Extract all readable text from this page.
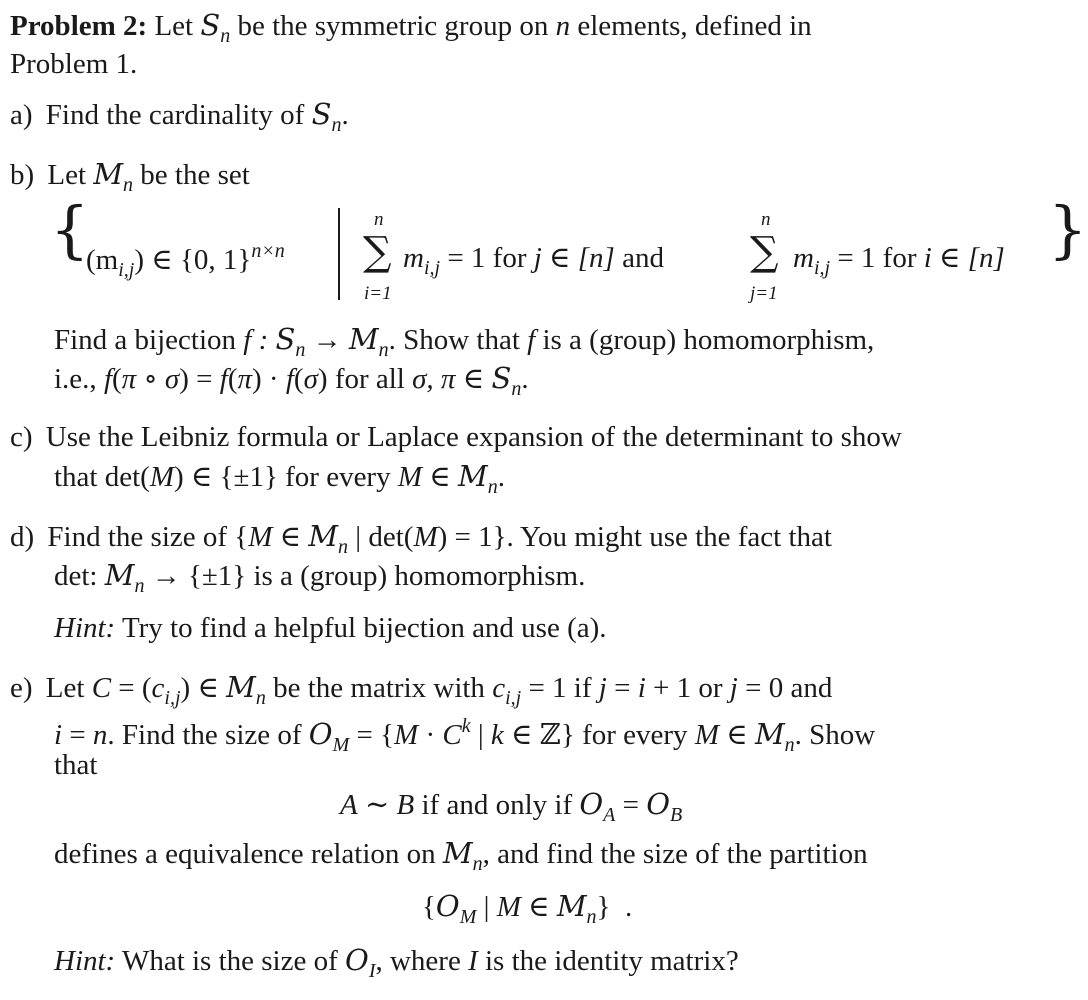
Problem 2: Let $S_n$ be the symmetric group on n elements, defined in
Problem 1.
a) Find the cardinality of $S_n$.
b) Let $M_n$ be the set
{
$(m_{i,j})$ ∈ {0, 1}$^{n\times n}$
n
∑
i=1
$m_{i,j} = 1$ for j ∈ [n] and
n
∑
j=1
$m_{i,j} = 1$ for i ∈ [n] }
Find a bijection f : $S_n \to M_n$. Show that f is a (group) homomorphism,
i.e., f(π ∘ σ) = f(π) · f(σ) for all σ, π ∈ $S_n$.
c) Use the Leibniz formula or Laplace expansion of the determinant to show
that det(M) ∈ {±1} for every M ∈ $M_n$.
d) Find the size of {M ∈ $M_n$ | det(M) = 1}. You might use the fact that
det: $M_n \to \{\pm 1\}$ is a (group) homomorphism.
Hint: Try to find a helpful bijection and use (a).
e) Let $C = (c_{i,j})$ ∈ $M_n$ be the matrix with $c_{i,j} = 1$ if j = i + 1 or j = 0 and
i = n. Find the size of $O_M = \{M \cdot C^k$ | k ∈ ℤ} for every M ∈ $M_n$. Show
that
A ∼ B if and only if $O_A = O_B$
defines a equivalence relation on $M_n$, and find the size of the partition
{$O_M$ | M ∈ $M_n$}  .
Hint: What is the size of $O_I$, where I is the identity matrix?
